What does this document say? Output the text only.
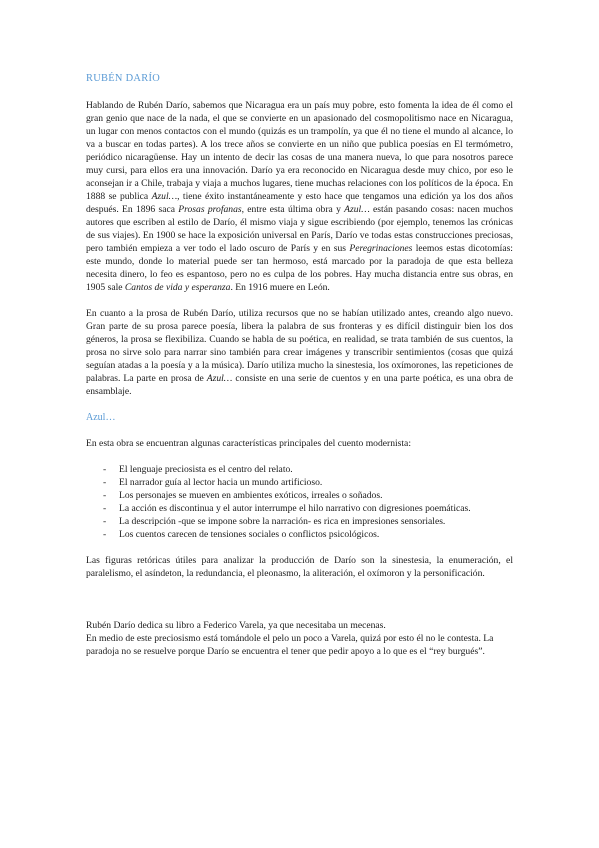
RUBÉN DARÍO

Hablando de Rubén Darío, sabemos que Nicaragua era un país muy pobre, esto fomenta la idea de él como el gran genio que nace de la nada, el que se convierte en un apasionado del cosmopolitismo nace en Nicaragua, un lugar con menos contactos con el mundo (quizás es un trampolín, ya que él no tiene el mundo al alcance, lo va a buscar en todas partes). A los trece años se convierte en un niño que publica poesías en El termómetro, periódico nicaragüense. Hay un intento de decir las cosas de una manera nueva, lo que para nosotros parece muy cursi, para ellos era una innovación. Darío ya era reconocido en Nicaragua desde muy chico, por eso le aconsejan ir a Chile, trabaja y viaja a muchos lugares, tiene muchas relaciones con los políticos de la época. En 1888 se publica Azul…, tiene éxito instantáneamente y esto hace que tengamos una edición ya los dos años después. En 1896 saca Prosas profanas, entre esta última obra y Azul… están pasando cosas: nacen muchos autores que escriben al estilo de Darío, él mismo viaja y sigue escribiendo (por ejemplo, tenemos las crónicas de sus viajes). En 1900 se hace la exposición universal en París, Darío ve todas estas construcciones preciosas, pero también empieza a ver todo el lado oscuro de París y en sus Peregrinaciones leemos estas dicotomías: este mundo, donde lo material puede ser tan hermoso, está marcado por la paradoja de que esta belleza necesita dinero, lo feo es espantoso, pero no es culpa de los pobres. Hay mucha distancia entre sus obras, en 1905 sale Cantos de vida y esperanza. En 1916 muere en León.

En cuanto a la prosa de Rubén Darío, utiliza recursos que no se habían utilizado antes, creando algo nuevo. Gran parte de su prosa parece poesía, libera la palabra de sus fronteras y es difícil distinguir bien los dos géneros, la prosa se flexibiliza. Cuando se habla de su poética, en realidad, se trata también de sus cuentos, la prosa no sirve solo para narrar sino también para crear imágenes y transcribir sentimientos (cosas que quizá seguían atadas a la poesía y a la música). Darío utiliza mucho la sinestesia, los oxímorones, las repeticiones de palabras. La parte en prosa de Azul… consiste en una serie de cuentos y en una parte poética, es una obra de ensamblaje.

Azul…

En esta obra se encuentran algunas características principales del cuento modernista:

- El lenguaje preciosista es el centro del relato.
- El narrador guía al lector hacia un mundo artificioso.
- Los personajes se mueven en ambientes exóticos, irreales o soñados.
- La acción es discontinua y el autor interrumpe el hilo narrativo con digresiones poemáticas.
- La descripción -que se impone sobre la narración- es rica en impresiones sensoriales.
- Los cuentos carecen de tensiones sociales o conflictos psicológicos.

Las figuras retóricas útiles para analizar la producción de Darío son la sinestesia, la enumeración, el paralelismo, el asíndeton, la redundancia, el pleonasmo, la aliteración, el oxímoron y la personificación.

Rubén Darío dedica su libro a Federico Varela, ya que necesitaba un mecenas.
En medio de este preciosismo está tomándole el pelo un poco a Varela, quizá por esto él no le contesta. La paradoja no se resuelve porque Darío se encuentra el tener que pedir apoyo a lo que es el “rey burgués”.
